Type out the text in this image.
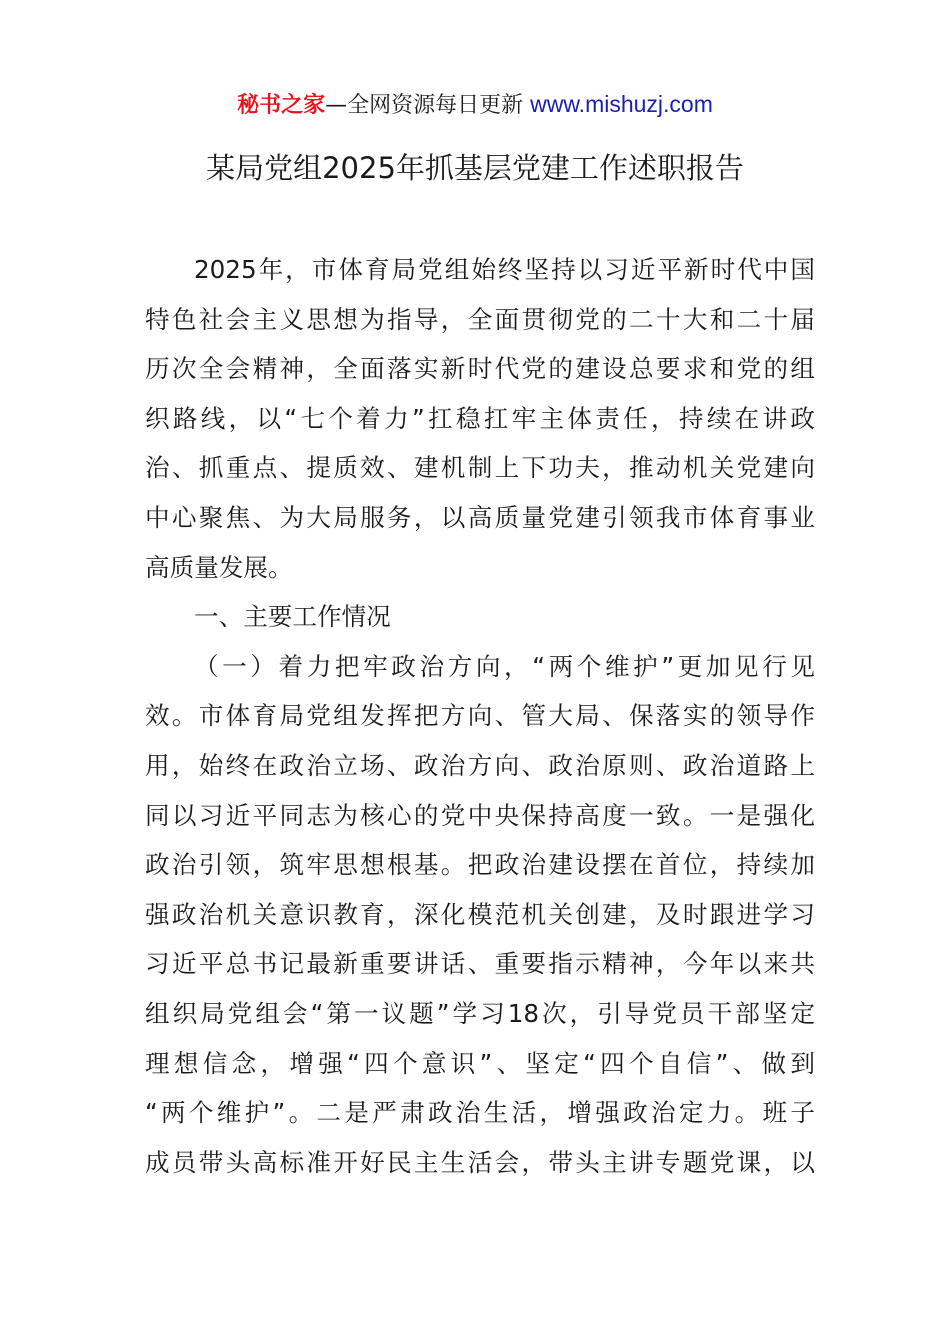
秘书之家—全网资源每日更新 www.mishuzj.com
某局党组2025年抓基层党建工作述职报告
2025年，市体育局党组始终坚持以习近平新时代中国
特色社会主义思想为指导，全面贯彻党的二十大和二十届
历次全会精神，全面落实新时代党的建设总要求和党的组
织路线，以“七个着力”扛稳扛牢主体责任，持续在讲政
治、抓重点、提质效、建机制上下功夫，推动机关党建向
中心聚焦、为大局服务，以高质量党建引领我市体育事业
高质量发展。
一、主要工作情况
（一）着力把牢政治方向，“两个维护”更加见行见
效。市体育局党组发挥把方向、管大局、保落实的领导作
用，始终在政治立场、政治方向、政治原则、政治道路上
同以习近平同志为核心的党中央保持高度一致。一是强化
政治引领，筑牢思想根基。把政治建设摆在首位，持续加
强政治机关意识教育，深化模范机关创建，及时跟进学习
习近平总书记最新重要讲话、重要指示精神，今年以来共
组织局党组会“第一议题”学习18次，引导党员干部坚定
理想信念，增强“四个意识”、坚定“四个自信”、做到
“两个维护”。二是严肃政治生活，增强政治定力。班子
成员带头高标准开好民主生活会，带头主讲专题党课，以
